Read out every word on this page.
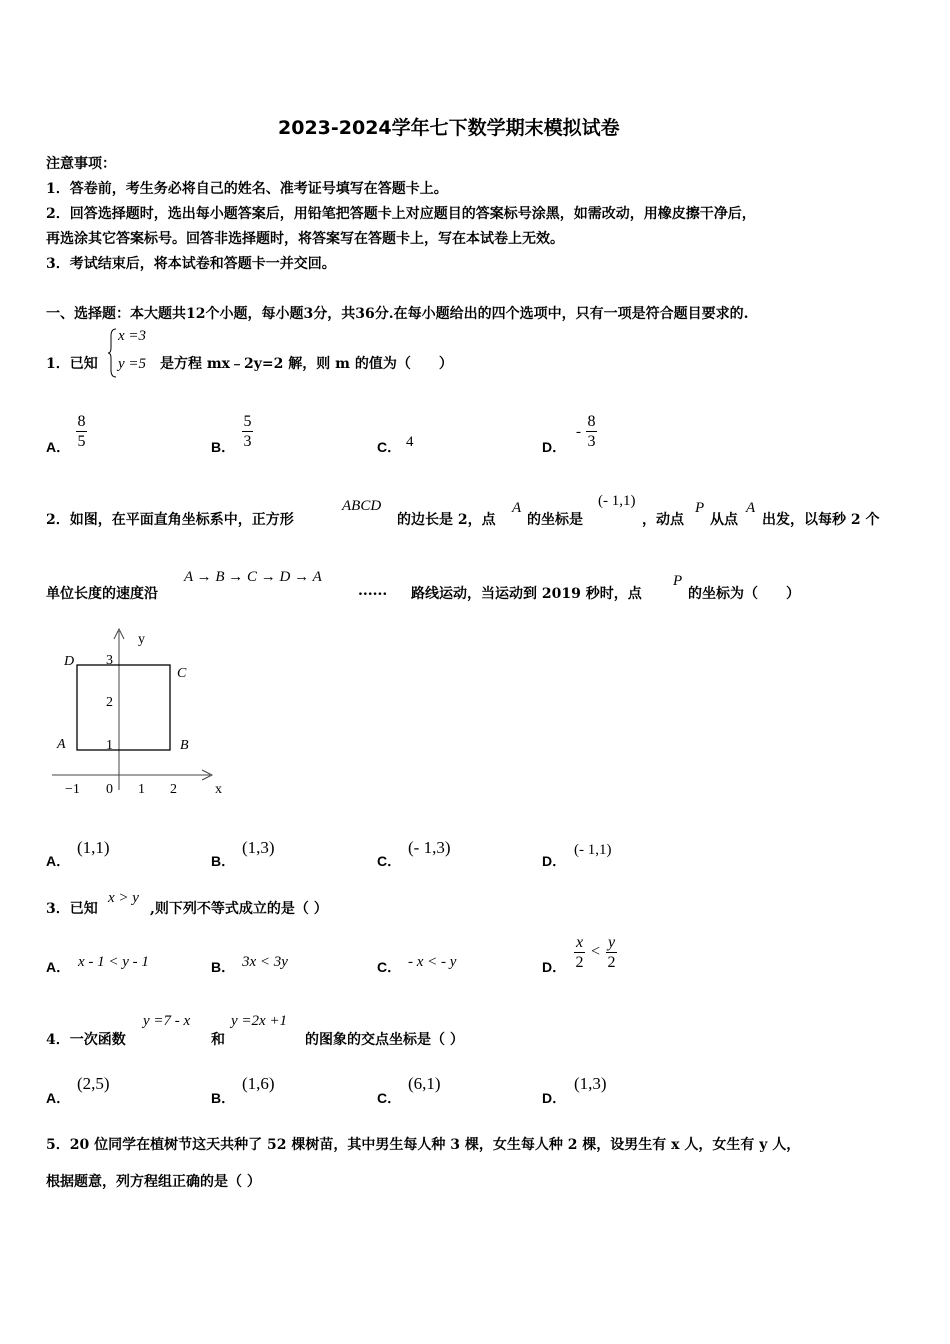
2023-2024学年七下数学期末模拟试卷
注意事项：
1．答卷前，考生务必将自己的姓名、准考证号填写在答题卡上。
2．回答选择题时，选出每小题答案后，用铅笔把答题卡上对应题目的答案标号涂黑，如需改动，用橡皮擦干净后，
再选涂其它答案标号。回答非选择题时，将答案写在答题卡上，写在本试卷上无效。
3．考试结束后，将本试卷和答题卡一并交回。
一、选择题：本大题共12个小题，每小题3分，共36分.在每小题给出的四个选项中，只有一项是符合题目要求的.
1．已知
x =3
y =5 是方程 mx﹣2y=2 解，则 m 的值为（　　）
A．
8
5	B．
5
3	C． 4	D．
-
8
3
2．如图，在平面直角坐标系中，正方形
ABCD
的边长是 2，点
A
的坐标是
(- 1,1)
，动点
P
从点
A
出发，以每秒 2 个
单位长度的速度沿
A → B → C → D → A
...... 路线运动，当运动到 2019 秒时，点
P
的坐标为（　　）
y
x
D
C
A	B
3
2
1
−1 0 1 2
A．
(1,1)
B．
(1,3)
C．
(- 1,3)
D．
(- 1,1)
3．已知
x > y
,则下列不等式成立的是（ ）
A． x - 1 < y - 1	B． 3x < 3y	C． - x < - y	D．
x
2
<
y
2
4．一次函数
y =7 - x
和
y =2x +1
的图象的交点坐标是（ ）
A．
(2,5)
B．
(1,6)
C．
(6,1)
D．
(1,3)
5．20 位同学在植树节这天共种了 52 棵树苗，其中男生每人种 3 棵，女生每人种 2 棵，设男生有 x 人，女生有 y 人，
根据题意，列方程组正确的是（ ）
